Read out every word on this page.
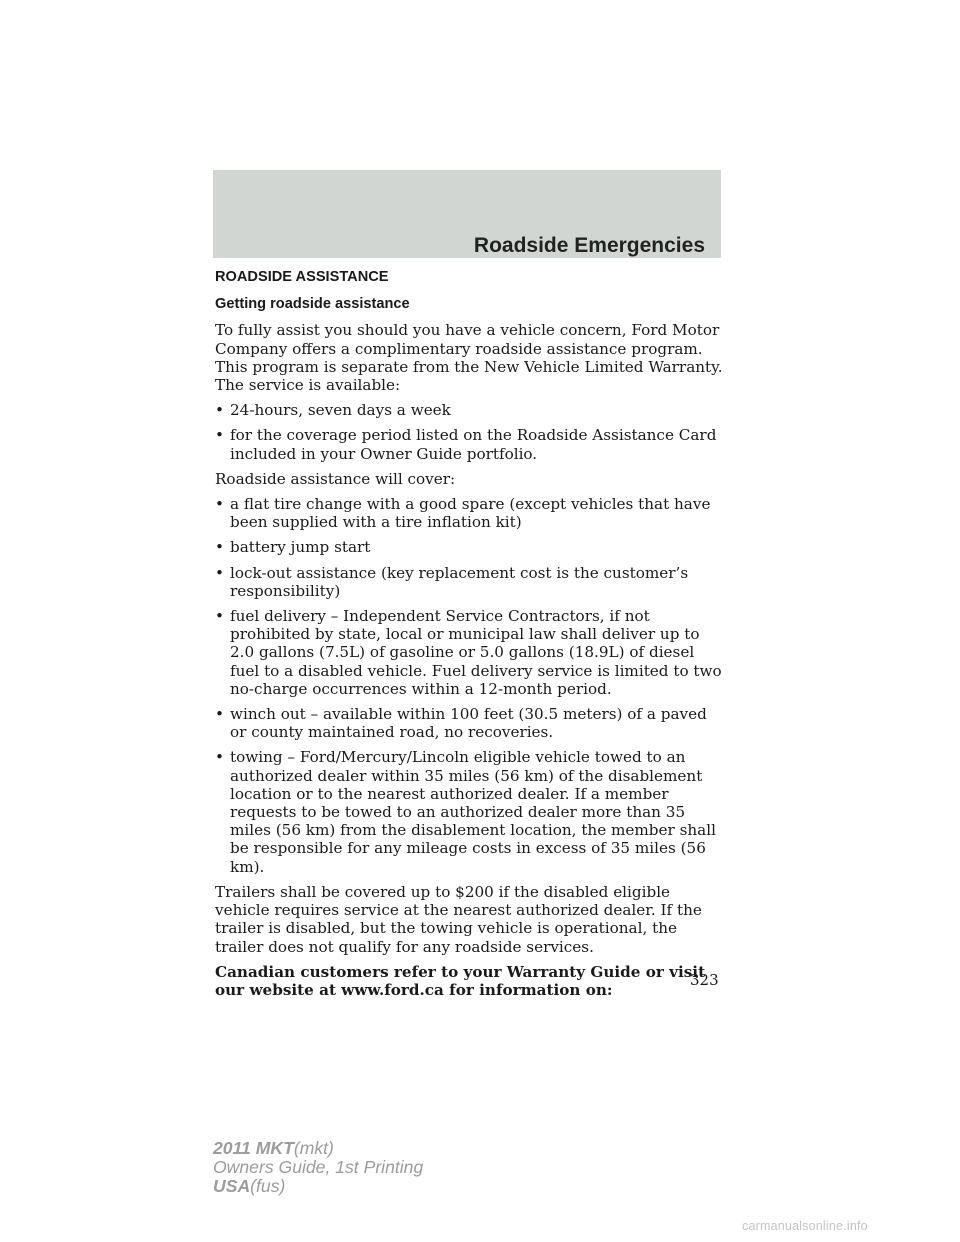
Roadside Emergencies
ROADSIDE ASSISTANCE
Getting roadside assistance

To fully assist you should you have a vehicle concern, Ford Motor Company offers a complimentary roadside assistance program. This program is separate from the New Vehicle Limited Warranty. The service is available:

• 24-hours, seven days a week
• for the coverage period listed on the Roadside Assistance Card included in your Owner Guide portfolio.

Roadside assistance will cover:

• a flat tire change with a good spare (except vehicles that have been supplied with a tire inflation kit)
• battery jump start
• lock-out assistance (key replacement cost is the customer’s responsibility)
• fuel delivery – Independent Service Contractors, if not prohibited by state, local or municipal law shall deliver up to 2.0 gallons (7.5L) of gasoline or 5.0 gallons (18.9L) of diesel fuel to a disabled vehicle. Fuel delivery service is limited to two no-charge occurrences within a 12-month period.
• winch out – available within 100 feet (30.5 meters) of a paved or county maintained road, no recoveries.
• towing – Ford/Mercury/Lincoln eligible vehicle towed to an authorized dealer within 35 miles (56 km) of the disablement location or to the nearest authorized dealer. If a member requests to be towed to an authorized dealer more than 35 miles (56 km) from the disablement location, the member shall be responsible for any mileage costs in excess of 35 miles (56 km).

Trailers shall be covered up to $200 if the disabled eligible vehicle requires service at the nearest authorized dealer. If the trailer is disabled, but the towing vehicle is operational, the trailer does not qualify for any roadside services.

Canadian customers refer to your Warranty Guide or visit our website at www.ford.ca for information on:

323
2011 MKT(mkt)
Owners Guide, 1st Printing
USA(fus)
carmanualsonline.info
